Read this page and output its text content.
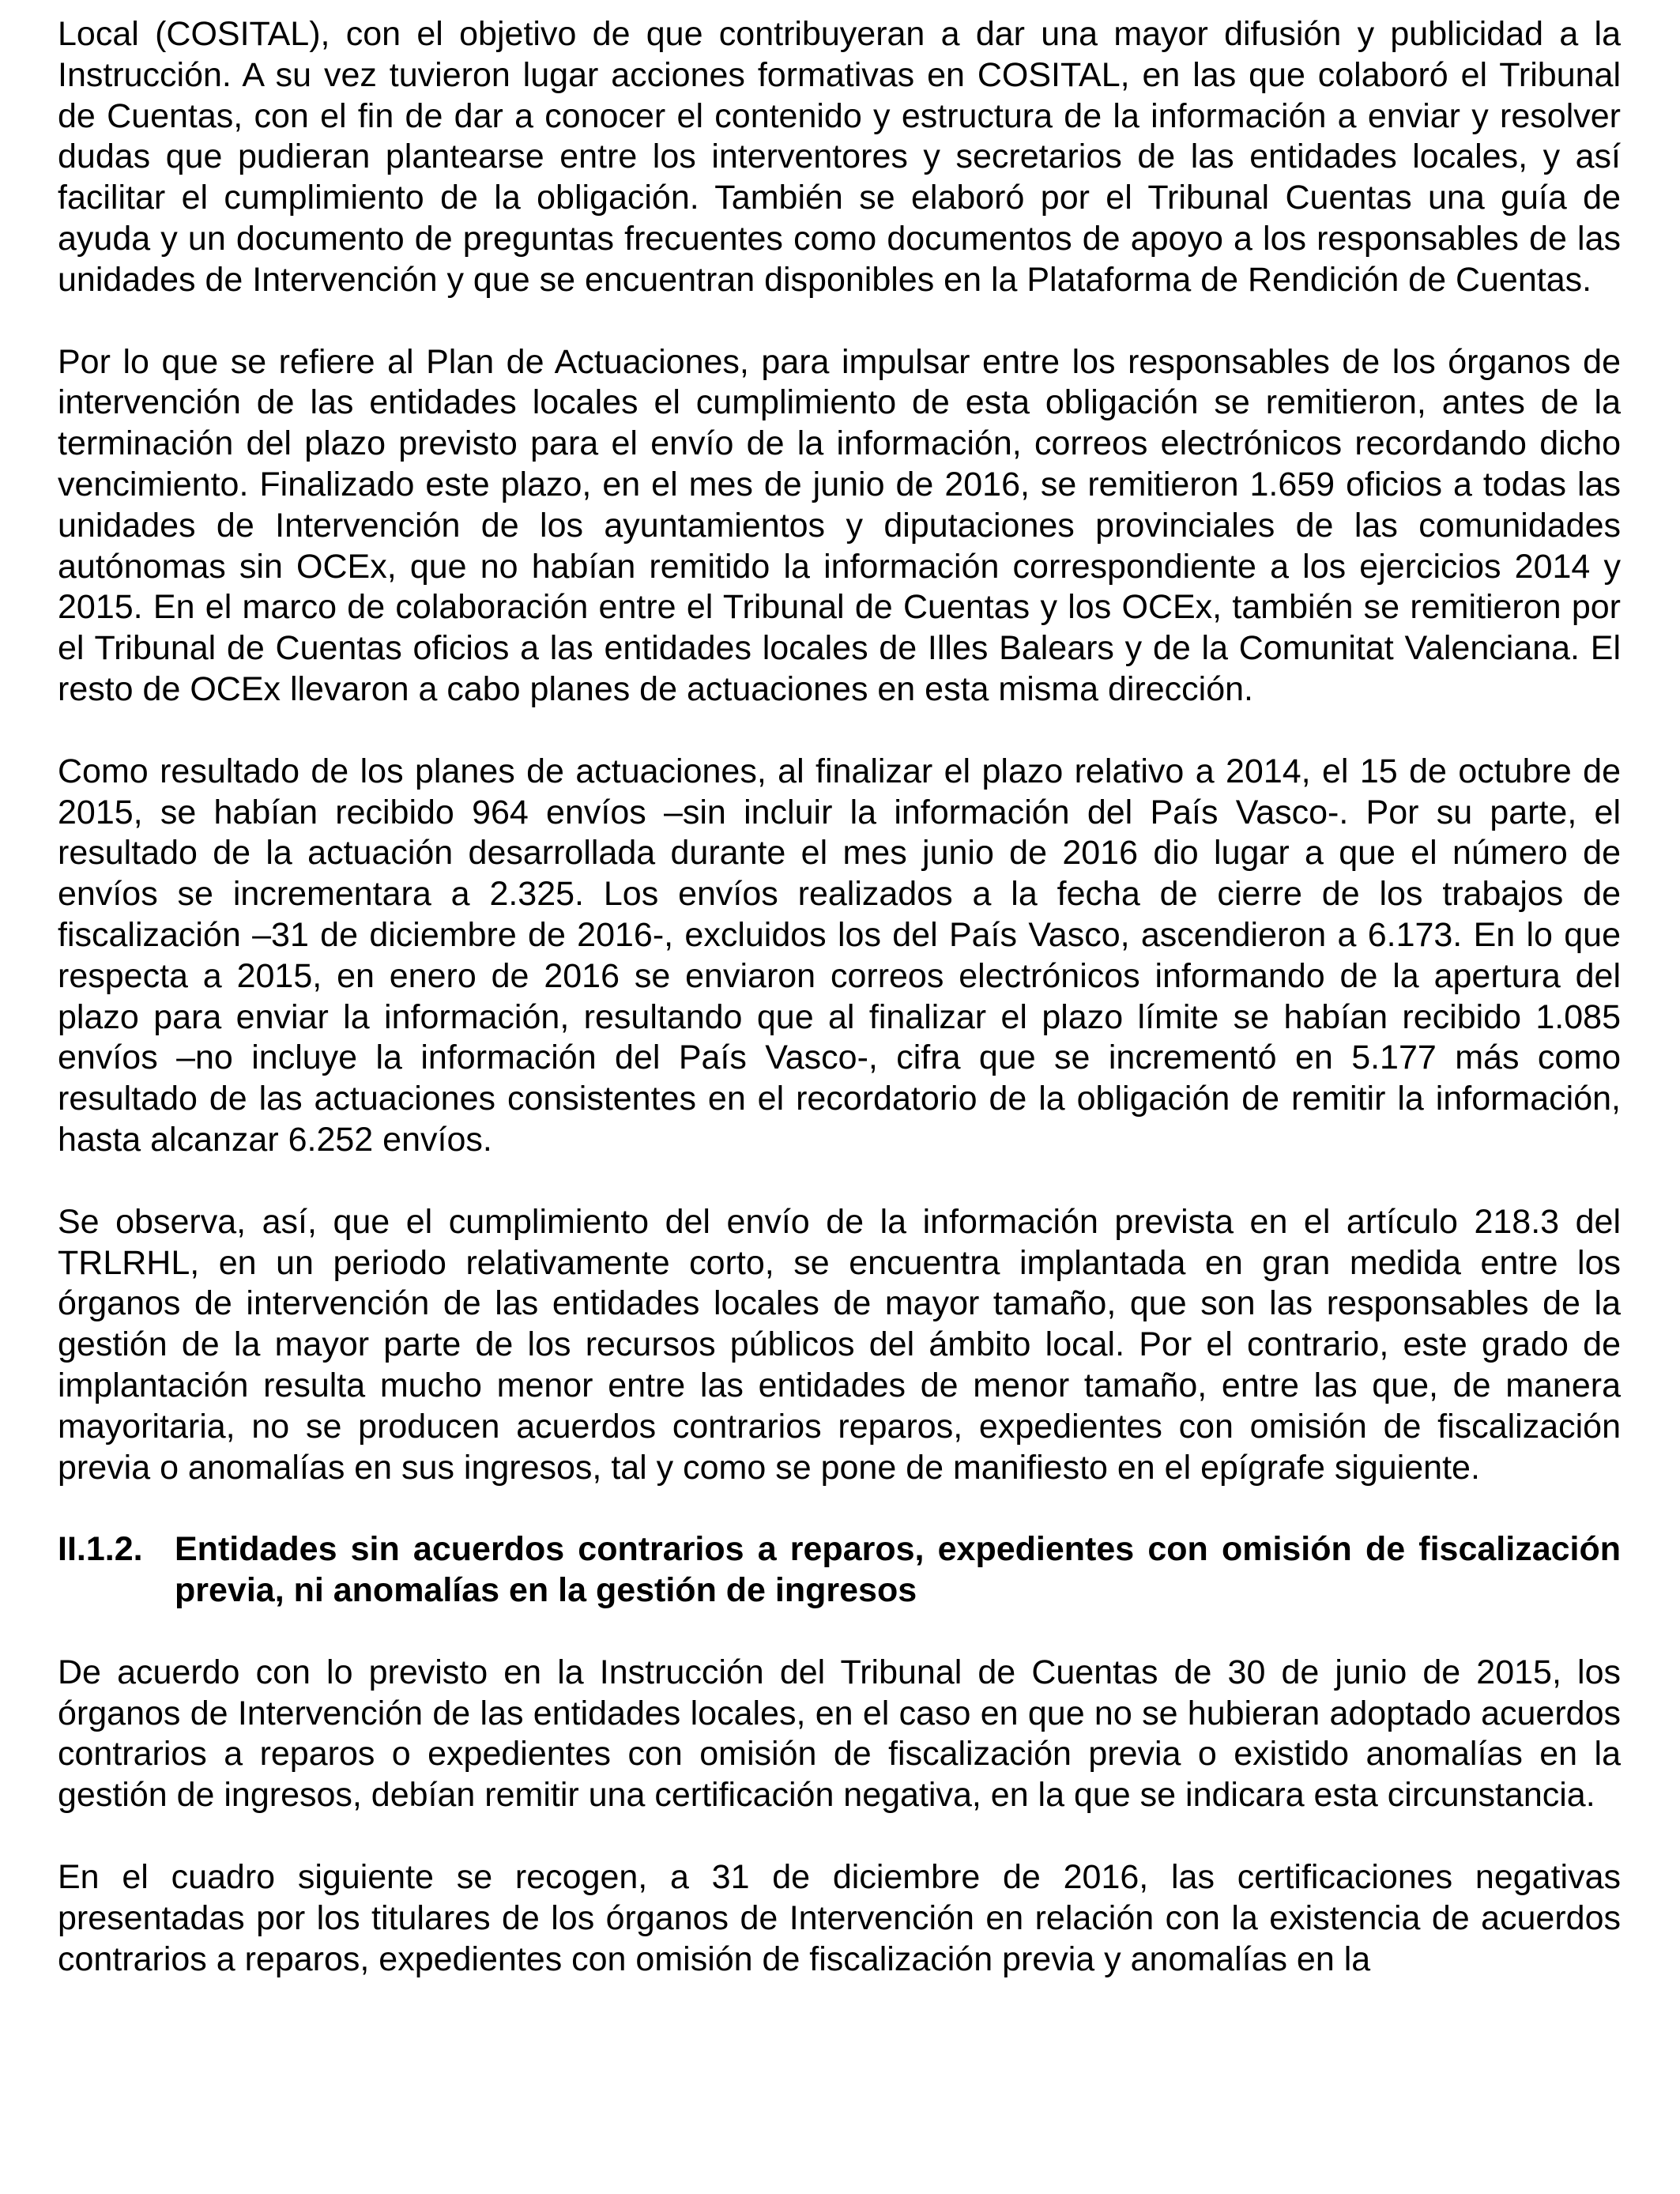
Local (COSITAL), con el objetivo de que contribuyeran a dar una mayor difusión y publicidad a la Instrucción. A su vez tuvieron lugar acciones formativas en COSITAL, en las que colaboró el Tribunal de Cuentas, con el fin de dar a conocer el contenido y estructura de la información a enviar y resolver dudas que pudieran plantearse entre los interventores y secretarios de las entidades locales, y así facilitar el cumplimiento de la obligación. También se elaboró por el Tribunal Cuentas una guía de ayuda y un documento de preguntas frecuentes como documentos de apoyo a los responsables de las unidades de Intervención y que se encuentran disponibles en la Plataforma de Rendición de Cuentas.

Por lo que se refiere al Plan de Actuaciones, para impulsar entre los responsables de los órganos de intervención de las entidades locales el cumplimiento de esta obligación se remitieron, antes de la terminación del plazo previsto para el envío de la información, correos electrónicos recordando dicho vencimiento. Finalizado este plazo, en el mes de junio de 2016, se remitieron 1.659 oficios a todas las unidades de Intervención de los ayuntamientos y diputaciones provinciales de las comunidades autónomas sin OCEx, que no habían remitido la información correspondiente a los ejercicios 2014 y 2015. En el marco de colaboración entre el Tribunal de Cuentas y los OCEx, también se remitieron por el Tribunal de Cuentas oficios a las entidades locales de Illes Balears y de la Comunitat Valenciana. El resto de OCEx llevaron a cabo planes de actuaciones en esta misma dirección.

Como resultado de los planes de actuaciones, al finalizar el plazo relativo a 2014, el 15 de octubre de 2015, se habían recibido 964 envíos –sin incluir la información del País Vasco-. Por su parte, el resultado de la actuación desarrollada durante el mes junio de 2016 dio lugar a que el número de envíos se incrementara a 2.325. Los envíos realizados a la fecha de cierre de los trabajos de fiscalización –31 de diciembre de 2016-, excluidos los del País Vasco, ascendieron a 6.173. En lo que respecta a 2015, en enero de 2016 se enviaron correos electrónicos informando de la apertura del plazo para enviar la información, resultando que al finalizar el plazo límite se habían recibido 1.085 envíos –no incluye la información del País Vasco-, cifra que se incrementó en 5.177 más como resultado de las actuaciones consistentes en el recordatorio de la obligación de remitir la información, hasta alcanzar 6.252 envíos.

Se observa, así, que el cumplimiento del envío de la información prevista en el artículo 218.3 del TRLRHL, en un periodo relativamente corto, se encuentra implantada en gran medida entre los órganos de intervención de las entidades locales de mayor tamaño, que son las responsables de la gestión de la mayor parte de los recursos públicos del ámbito local. Por el contrario, este grado de implantación resulta mucho menor entre las entidades de menor tamaño, entre las que, de manera mayoritaria, no se producen acuerdos contrarios reparos, expedientes con omisión de fiscalización previa o anomalías en sus ingresos, tal y como se pone de manifiesto en el epígrafe siguiente.

II.1.2. Entidades sin acuerdos contrarios a reparos, expedientes con omisión de fiscalización previa, ni anomalías en la gestión de ingresos

De acuerdo con lo previsto en la Instrucción del Tribunal de Cuentas de 30 de junio de 2015, los órganos de Intervención de las entidades locales, en el caso en que no se hubieran adoptado acuerdos contrarios a reparos o expedientes con omisión de fiscalización previa o existido anomalías en la gestión de ingresos, debían remitir una certificación negativa, en la que se indicara esta circunstancia.

En el cuadro siguiente se recogen, a 31 de diciembre de 2016, las certificaciones negativas presentadas por los titulares de los órganos de Intervención en relación con la existencia de acuerdos contrarios a reparos, expedientes con omisión de fiscalización previa y anomalías en la
